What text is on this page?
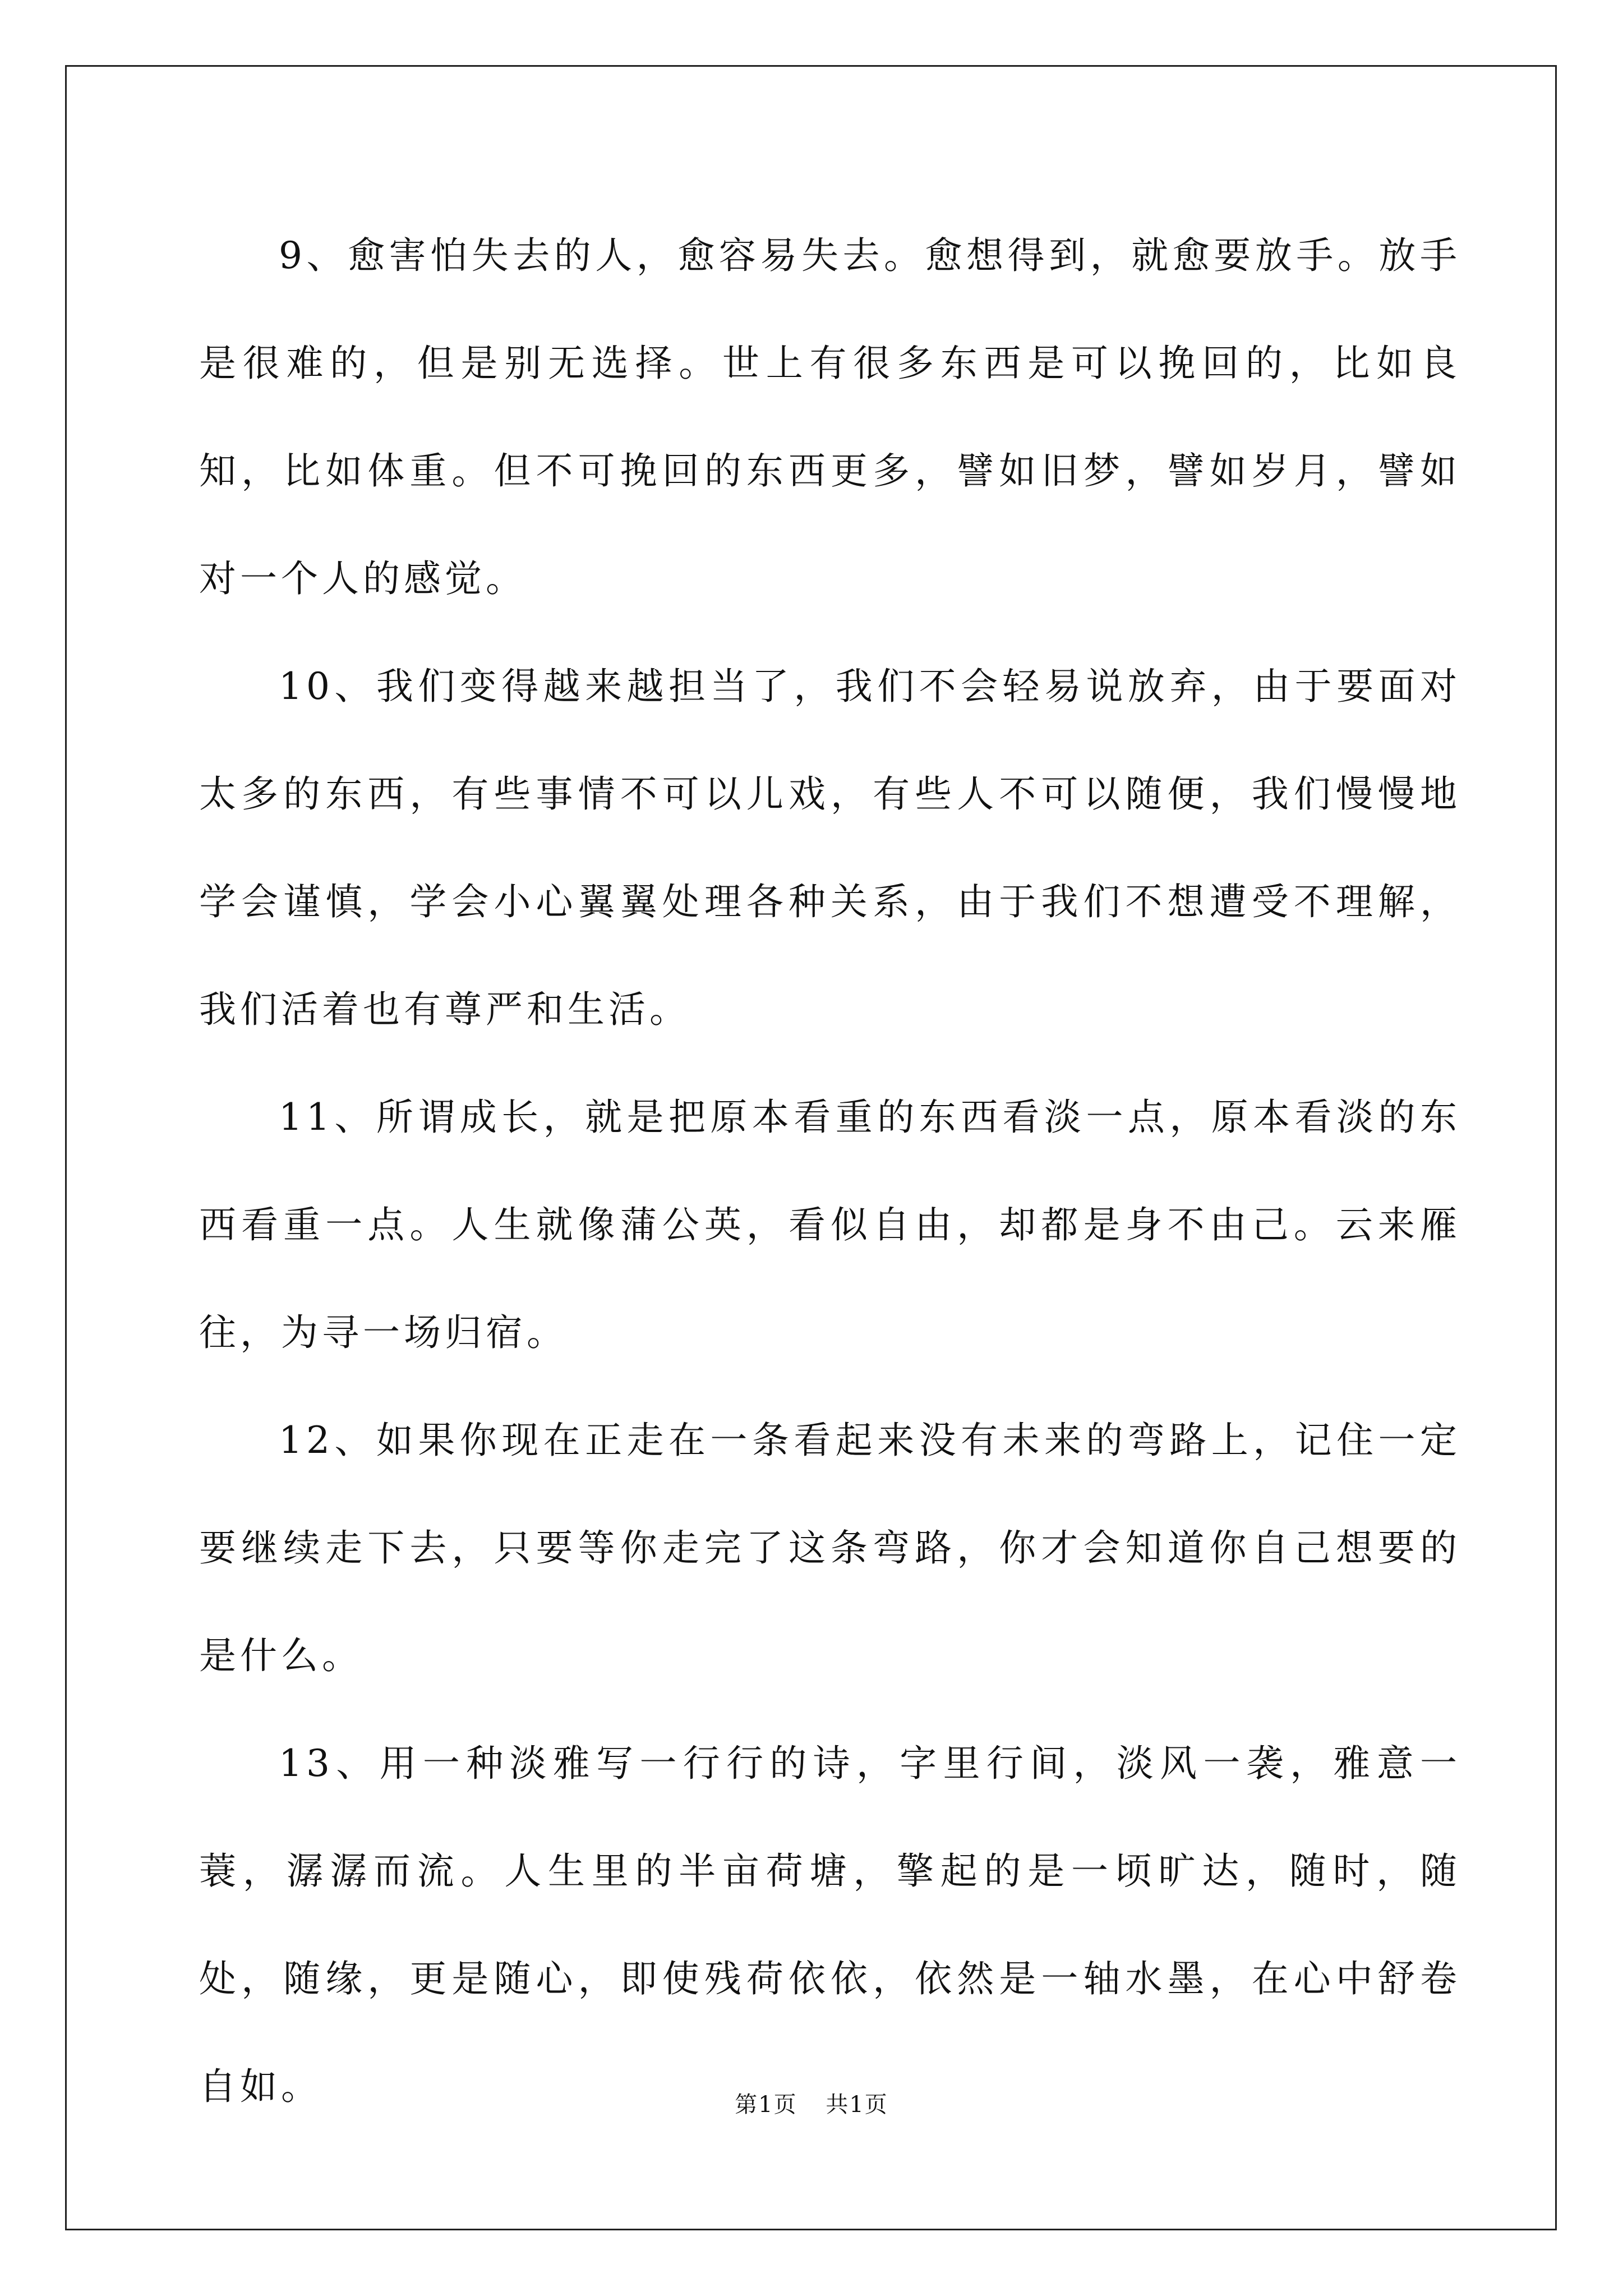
9、愈害怕失去的人，愈容易失去。愈想得到，就愈要放手。放手是很难的，但是别无选择。世上有很多东西是可以挽回的，比如良知，比如体重。但不可挽回的东西更多，譬如旧梦，譬如岁月，譬如对一个人的感觉。

10、我们变得越来越担当了，我们不会轻易说放弃，由于要面对太多的东西，有些事情不可以儿戏，有些人不可以随便，我们慢慢地学会谨慎，学会小心翼翼处理各种关系，由于我们不想遭受不理解，我们活着也有尊严和生活。

11、所谓成长，就是把原本看重的东西看淡一点，原本看淡的东西看重一点。人生就像蒲公英，看似自由，却都是身不由己。云来雁往，为寻一场归宿。

12、如果你现在正走在一条看起来没有未来的弯路上，记住一定要继续走下去，只要等你走完了这条弯路，你才会知道你自己想要的是什么。

13、用一种淡雅写一行行的诗，字里行间，淡风一袭，雅意一蓑，潺潺而流。人生里的半亩荷塘，擎起的是一顷旷达，随时，随处，随缘，更是随心，即使残荷依依，依然是一轴水墨，在心中舒卷自如。	第1页 共1页
